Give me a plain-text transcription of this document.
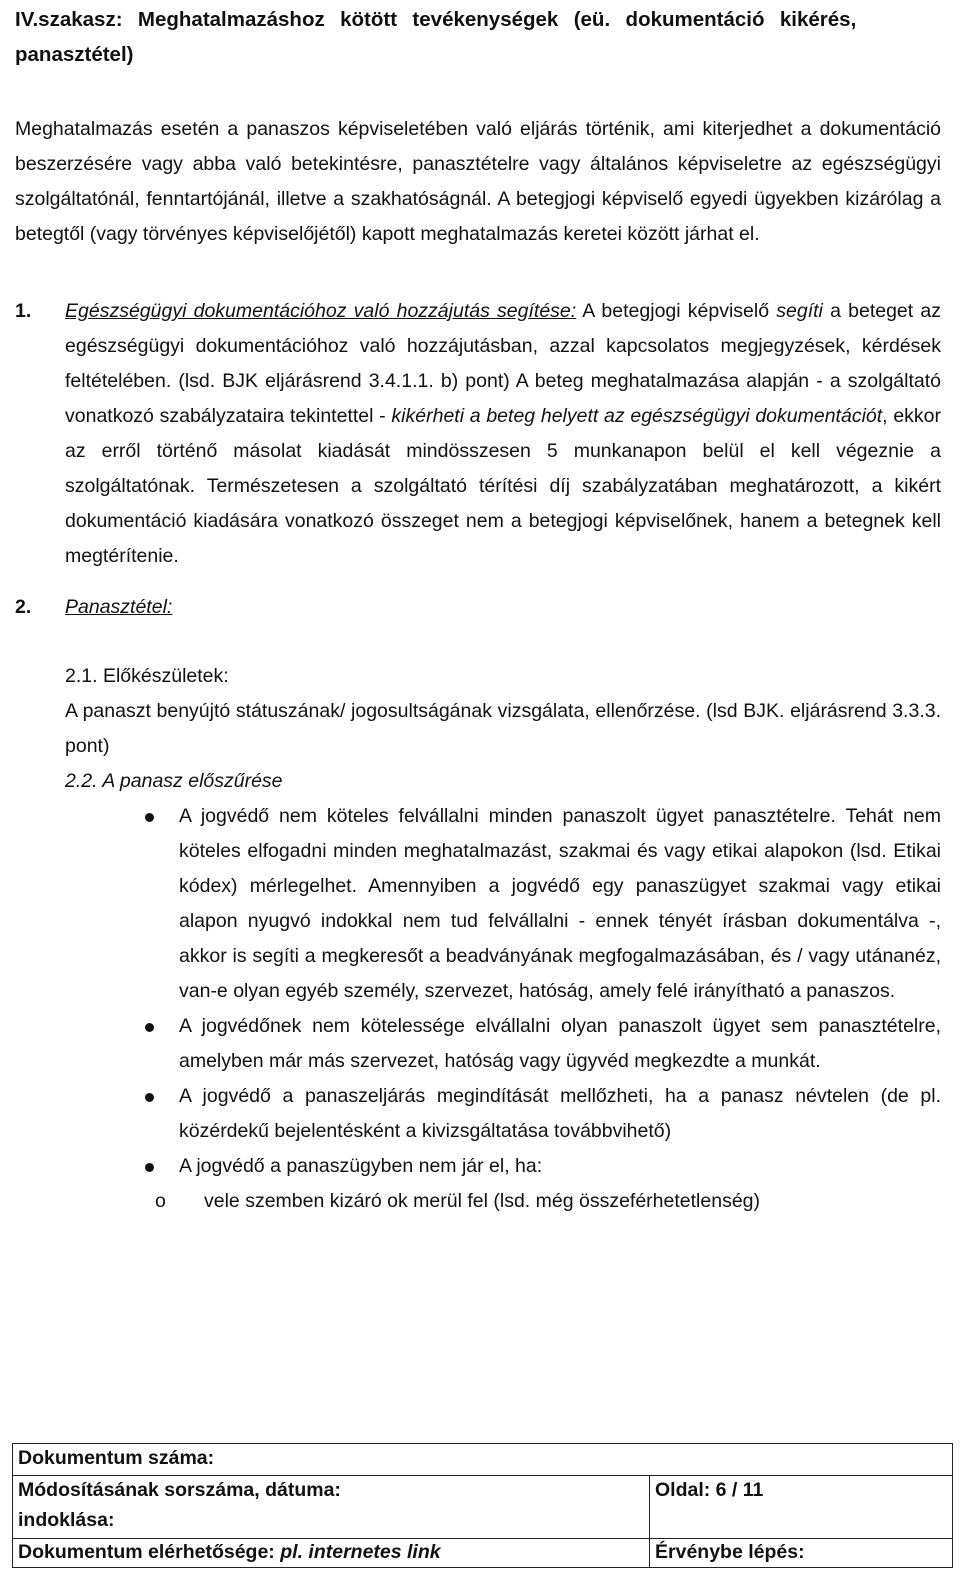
IV.szakasz:  Meghatalmazáshoz  kötött  tevékenységek  (eü.  dokumentáció  kikérés,
panasztétel)
Meghatalmazás esetén a panaszos képviseletében való eljárás történik, ami kiterjedhet a dokumentáció beszerzésére vagy abba való betekintésre, panasztételre vagy általános képviseletre az egészségügyi szolgáltatónál, fenntartójánál, illetve a szakhatóságnál. A betegjogi képviselő egyedi ügyekben kizárólag a betegtől (vagy törvényes képviselőjétől) kapott meghatalmazás keretei között járhat el.
1. Egészségügyi dokumentációhoz való hozzájutás segítése: A betegjogi képviselő segíti a beteget az egészségügyi dokumentációhoz való hozzájutásban, azzal kapcsolatos megjegyzések, kérdések feltételében. (lsd. BJK eljárásrend 3.4.1.1. b) pont) A beteg meghatalmazása alapján - a szolgáltató vonatkozó szabályzataira tekintettel - kikérheti a beteg helyett az egészségügyi dokumentációt, ekkor az erről történő másolat kiadását mindösszesen 5 munkanapon belül el kell végeznie a szolgáltatónak. Természetesen a szolgáltató térítési díj szabályzatában meghatározott, a kikért dokumentáció kiadására vonatkozó összeget nem a betegjogi képviselőnek, hanem a betegnek kell megtérítenie.
2. Panasztétel:
2.1. Előkészületek:
A panaszt benyújtó státuszának/ jogosultságának vizsgálata, ellenőrzése. (lsd BJK. eljárásrend 3.3.3. pont)
2.2. A panasz előszűrése
A jogvédő nem köteles felvállalni minden panaszolt ügyet panasztételre. Tehát nem köteles elfogadni minden meghatalmazást, szakmai és vagy etikai alapokon (lsd. Etikai kódex) mérlegelhet. Amennyiben a jogvédő egy panaszügyet szakmai vagy etikai alapon nyugvó indokkal nem tud felvállalni - ennek tényét írásban dokumentálva -, akkor is segíti a megkeresőt a beadványának megfogalmazásában, és / vagy utánanéz, van-e olyan egyéb személy, szervezet, hatóság, amely felé irányítható a panaszos.
A jogvédőnek nem kötelessége elvállalni olyan panaszolt ügyet sem panasztételre, amelyben már más szervezet, hatóság vagy ügyvéd megkezdte a munkát.
A jogvédő a panaszeljárás megindítását mellőzheti, ha a panasz névtelen (de pl. közérdekű bejelentésként a kivizsgáltatása továbbvihető)
A jogvédő a panaszügyben nem jár el, ha:
o vele szemben kizáró ok merül fel (lsd. még összeférhetetlenség)
Dokumentum száma:
Módosításának sorszáma, dátuma:
indoklása:
Oldal: 6 / 11
Dokumentum elérhetősége: pl. internetes link	Érvénybe lépés:
